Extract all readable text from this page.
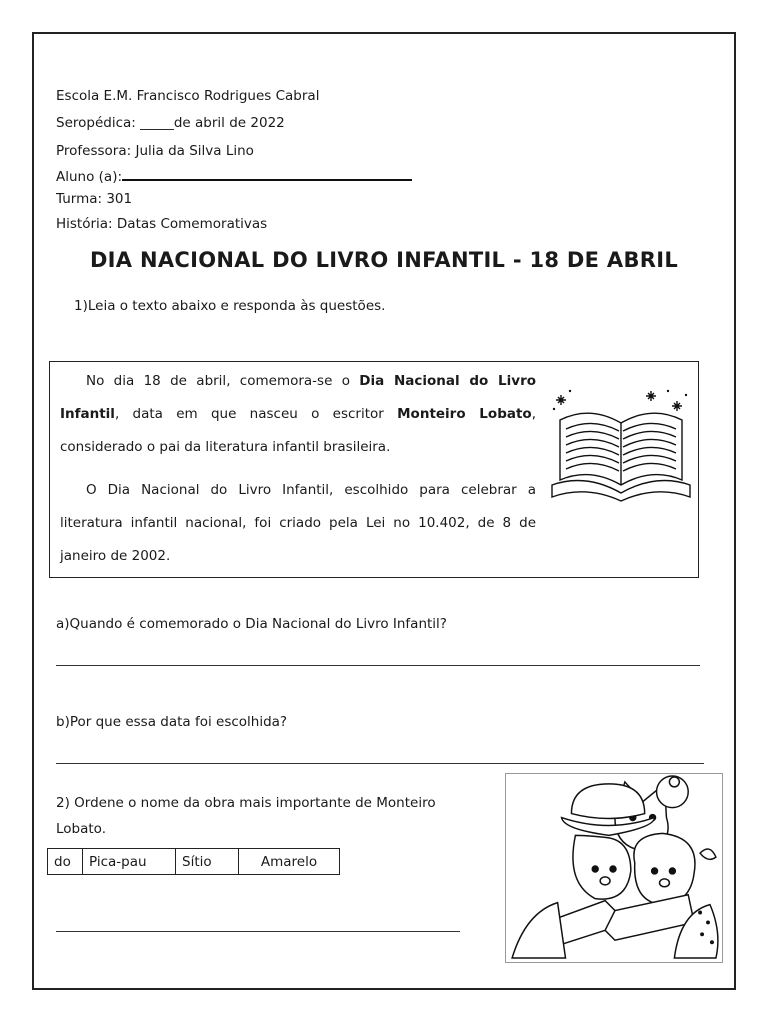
Escola E.M. Francisco Rodrigues Cabral
Seropédica: _____de abril de 2022
Professora: Julia da Silva Lino
Aluno (a):
Turma: 301
História: Datas Comemorativas
DIA NACIONAL DO LIVRO INFANTIL - 18 DE ABRIL
1)Leia o texto abaixo e responda às questões.
No dia 18 de abril, comemora-se o Dia Nacional do Livro Infantil, data em que nasceu o escritor Monteiro Lobato, considerado o pai da literatura infantil brasileira.
O Dia Nacional do Livro Infantil, escolhido para celebrar a literatura infantil nacional, foi criado pela Lei no 10.402, de 8 de janeiro de 2002.
a)Quando é comemorado o Dia Nacional do Livro Infantil?
b)Por que essa data foi escolhida?
2) Ordene o nome da obra mais importante de Monteiro Lobato.
do	Pica-pau	Sítio	Amarelo
